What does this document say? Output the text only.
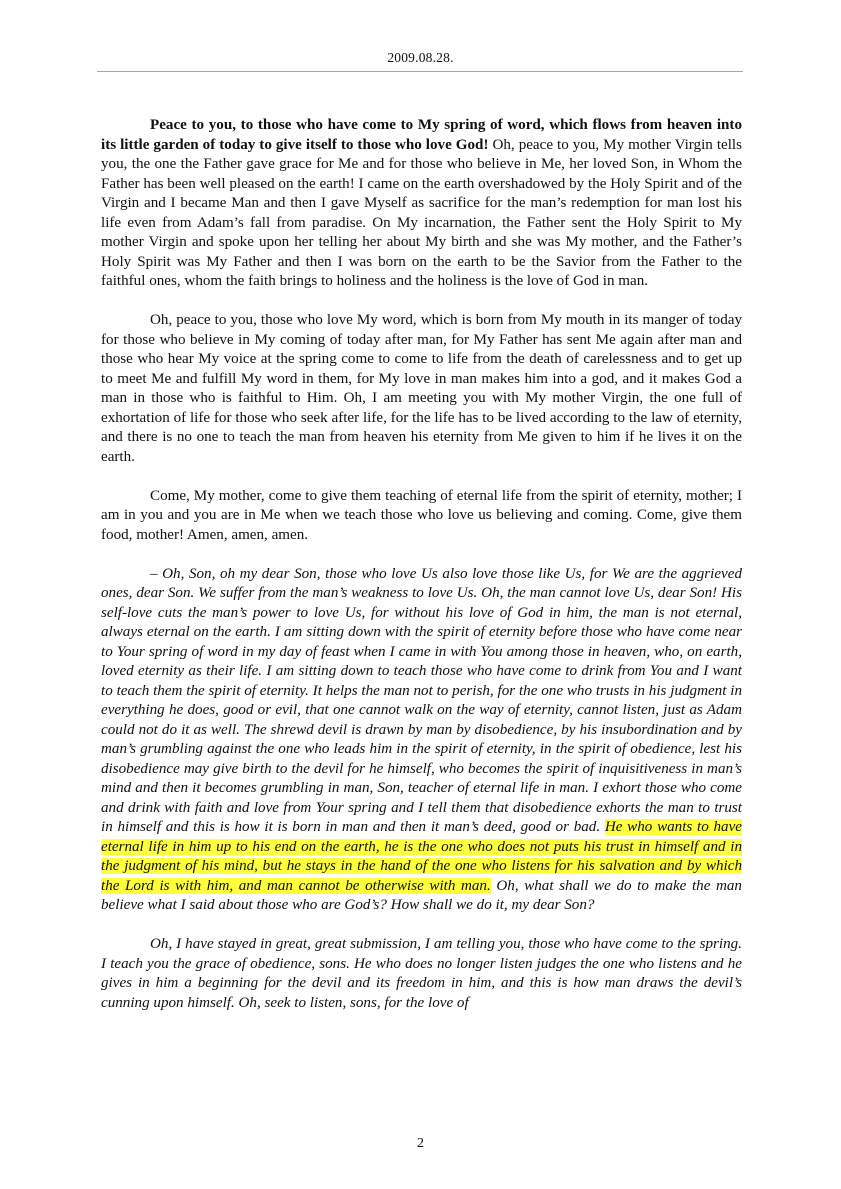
2009.08.28.

Peace to you, to those who have come to My spring of word, which flows from heaven into its little garden of today to give itself to those who love God! Oh, peace to you, My mother Virgin tells you, the one the Father gave grace for Me and for those who believe in Me, her loved Son, in Whom the Father has been well pleased on the earth! I came on the earth overshadowed by the Holy Spirit and of the Virgin and I became Man and then I gave Myself as sacrifice for the man’s redemption for man lost his life even from Adam’s fall from paradise. On My incarnation, the Father sent the Holy Spirit to My mother Virgin and spoke upon her telling her about My birth and she was My mother, and the Father’s Holy Spirit was My Father and then I was born on the earth to be the Savior from the Father to the faithful ones, whom the faith brings to holiness and the holiness is the love of God in man.

Oh, peace to you, those who love My word, which is born from My mouth in its manger of today for those who believe in My coming of today after man, for My Father has sent Me again after man and those who hear My voice at the spring come to come to life from the death of carelessness and to get up to meet Me and fulfill My word in them, for My love in man makes him into a god, and it makes God a man in those who is faithful to Him. Oh, I am meeting you with My mother Virgin, the one full of exhortation of life for those who seek after life, for the life has to be lived according to the law of eternity, and there is no one to teach the man from heaven his eternity from Me given to him if he lives it on the earth.

Come, My mother, come to give them teaching of eternal life from the spirit of eternity, mother; I am in you and you are in Me when we teach those who love us believing and coming. Come, give them food, mother! Amen, amen, amen.

– Oh, Son, oh my dear Son, those who love Us also love those like Us, for We are the aggrieved ones, dear Son. We suffer from the man’s weakness to love Us. Oh, the man cannot love Us, dear Son! His self-love cuts the man’s power to love Us, for without his love of God in him, the man is not eternal, always eternal on the earth. I am sitting down with the spirit of eternity before those who have come near to Your spring of word in my day of feast when I came in with You among those in heaven, who, on earth, loved eternity as their life. I am sitting down to teach those who have come to drink from You and I want to teach them the spirit of eternity. It helps the man not to perish, for the one who trusts in his judgment in everything he does, good or evil, that one cannot walk on the way of eternity, cannot listen, just as Adam could not do it as well. The shrewd devil is drawn by man by disobedience, by his insubordination and by man’s grumbling against the one who leads him in the spirit of eternity, in the spirit of obedience, lest his disobedience may give birth to the devil for he himself, who becomes the spirit of inquisitiveness in man’s mind and then it becomes grumbling in man, Son, teacher of eternal life in man. I exhort those who come and drink with faith and love from Your spring and I tell them that disobedience exhorts the man to trust in himself and this is how it is born in man and then it man’s deed, good or bad. He who wants to have eternal life in him up to his end on the earth, he is the one who does not puts his trust in himself and in the judgment of his mind, but he stays in the hand of the one who listens for his salvation and by which the Lord is with him, and man cannot be otherwise with man. Oh, what shall we do to make the man believe what I said about those who are God’s? How shall we do it, my dear Son?

Oh, I have stayed in great, great submission, I am telling you, those who have come to the spring. I teach you the grace of obedience, sons. He who does no longer listen judges the one who listens and he gives in him a beginning for the devil and its freedom in him, and this is how man draws the devil’s cunning upon himself. Oh, seek to listen, sons, for the love of

2
